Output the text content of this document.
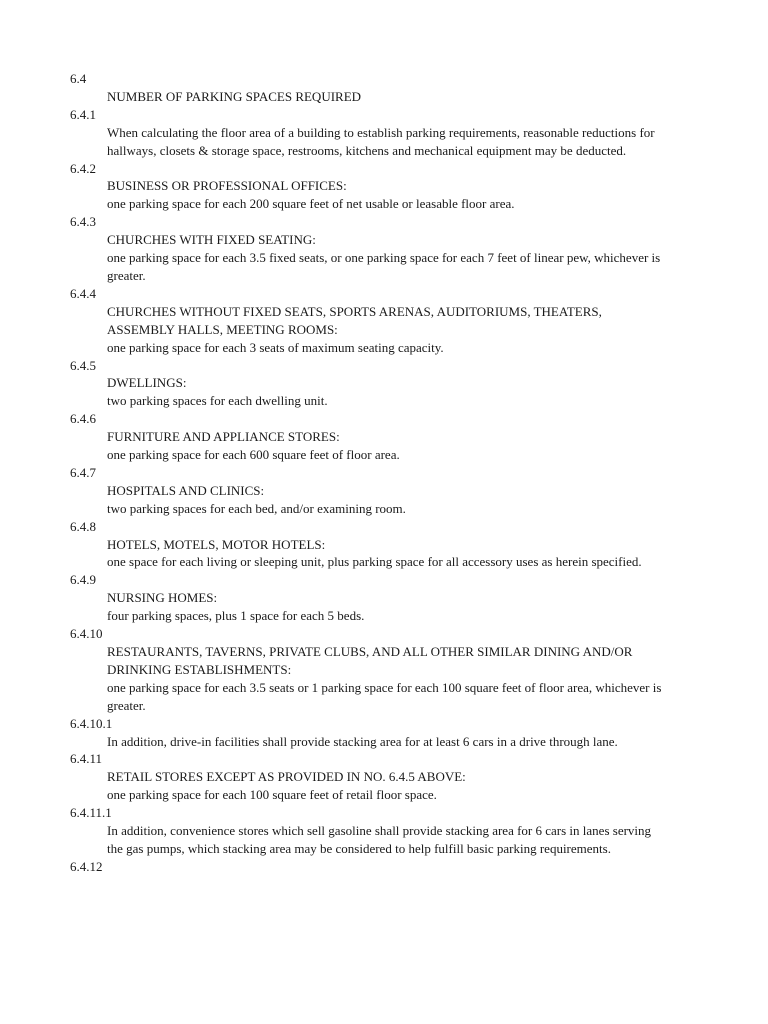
6.4
NUMBER OF PARKING SPACES REQUIRED
6.4.1
When calculating the floor area of a building to establish parking requirements, reasonable reductions for hallways, closets & storage space, restrooms, kitchens and mechanical equipment may be deducted.
6.4.2
BUSINESS OR PROFESSIONAL OFFICES:
one parking space for each 200 square feet of net usable or leasable floor area.
6.4.3
CHURCHES WITH FIXED SEATING:
one parking space for each 3.5 fixed seats, or one parking space for each 7 feet of linear pew, whichever is greater.
6.4.4
CHURCHES WITHOUT FIXED SEATS, SPORTS ARENAS, AUDITORIUMS, THEATERS, ASSEMBLY HALLS, MEETING ROOMS:
one parking space for each 3 seats of maximum seating capacity.
6.4.5
DWELLINGS:
two parking spaces for each dwelling unit.
6.4.6
FURNITURE AND APPLIANCE STORES:
one parking space for each 600 square feet of floor area.
6.4.7
HOSPITALS AND CLINICS:
two parking spaces for each bed, and/or examining room.
6.4.8
HOTELS, MOTELS, MOTOR HOTELS:
one space for each living or sleeping unit, plus parking space for all accessory uses as herein specified.
6.4.9
NURSING HOMES:
four parking spaces, plus 1 space for each 5 beds.
6.4.10
RESTAURANTS, TAVERNS, PRIVATE CLUBS, AND ALL OTHER SIMILAR DINING AND/OR DRINKING ESTABLISHMENTS:
one parking space for each 3.5 seats or 1 parking space for each 100 square feet of floor area, whichever is greater.
6.4.10.1
In addition, drive-in facilities shall provide stacking area for at least 6 cars in a drive through lane.
6.4.11
RETAIL STORES EXCEPT AS PROVIDED IN NO. 6.4.5 ABOVE:
one parking space for each 100 square feet of retail floor space.
6.4.11.1
In addition, convenience stores which sell gasoline shall provide stacking area for 6 cars in lanes serving the gas pumps, which stacking area may be considered to help fulfill basic parking requirements.
6.4.12
